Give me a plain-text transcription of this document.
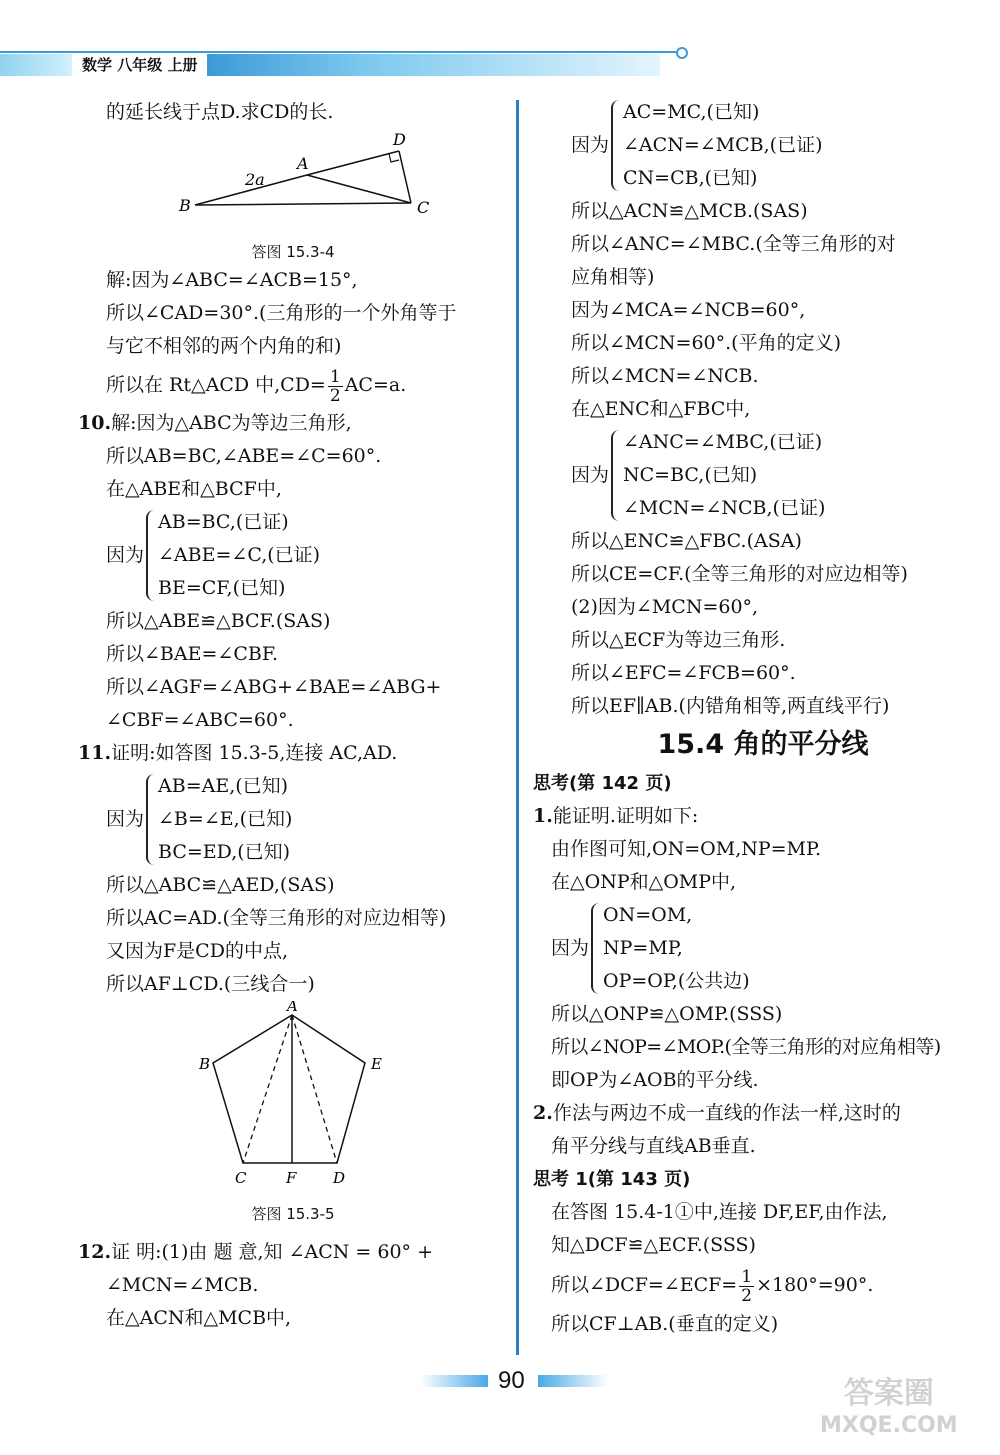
数学 八年级 上册
的延长线于点D.求CD的长.
B
A
C
D
2a
答图 15.3-4
解:因为∠ABC=∠ACB=15°,
所以∠CAD=30°.(三角形的一个外角等于
与它不相邻的两个内角的和)
所以在 Rt△ACD 中$,CD= \frac{1}{2} AC=a$.
10.解:因为△ABC为等边三角形,
所以AB=BC,∠ABE=∠C=60°.
在△ABE和△BCF中,
因为
AB=BC,(已证)
∠ABE=∠C,(已证)
BE=CF,(已知)
所以△ABE≌△BCF.(SAS)
所以∠BAE=∠CBF.
所以∠AGF=∠ABG+∠BAE=∠ABG+
∠CBF=∠ABC=60°.
11.证明:如答图 15.3-5,连接 AC,AD.
因为
AB=AE,(已知)
∠B=∠E,(已知)
BC=ED,(已知)
所以△ABC≌△AED,(SAS)
所以AC=AD.(全等三角形的对应边相等)
又因为F是CD的中点,
所以AF⊥CD.(三线合一)
A
B	E
C	F D
答图 15.3-5
12.证 明:(1)由 题 意,知 ∠ACN = 60° +
∠MCN=∠MCB.
在△ACN和△MCB中,
因为
AC=MC,(已知)
∠ACN=∠MCB,(已证)
CN=CB,(已知)
所以△ACN≌△MCB.(SAS)
所以∠ANC=∠MBC.(全等三角形的对
应角相等)
因为∠MCA=∠NCB=60°,
所以∠MCN=60°.(平角的定义)
所以∠MCN=∠NCB.
在△ENC和△FBC中,
因为
∠ANC=∠MBC,(已证)
NC=BC,(已知)
∠MCN=∠NCB,(已证)
所以△ENC≌△FBC.(ASA)
所以CE=CF.(全等三角形的对应边相等)
(2)因为∠MCN=60°,
所以△ECF为等边三角形.
所以∠EFC=∠FCB=60°.
所以EF∥AB.(内错角相等,两直线平行)
15.4 角的平分线
思考(第 142 页)
1.能证明.证明如下:
由作图可知,ON=OM,NP=MP.
在△ONP和△OMP中,
因为
ON=OM,
NP=MP,
OP=OP,(公共边)
所以△ONP≌△OMP.(SSS)
所以∠NOP=∠MOP.(全等三角形的对应角相等)
即OP为∠AOB的平分线.
2.作法与两边不成一直线的作法一样,这时的
角平分线与直线AB垂直.
思考 1(第 143 页)
在答图 15.4-1①中,连接 DF,EF,由作法,
知△DCF≌△ECF.(SSS)
所以∠DCF=∠ECF= $\frac{1}{2} \times 180^\circ=90^\circ$.
所以CF⊥AB.(垂直的定义)
90	答案圈
MXQE.COM
